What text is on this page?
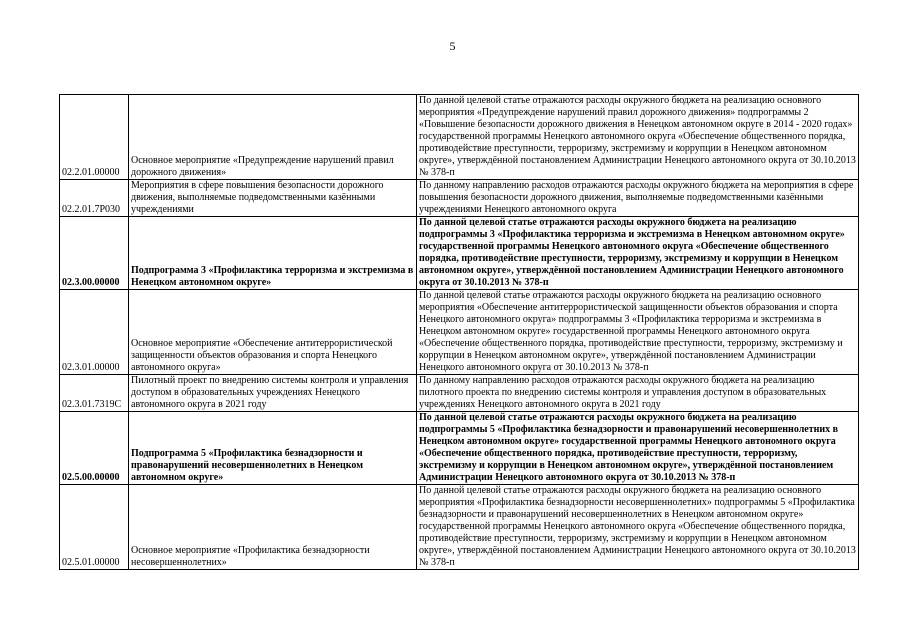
5
02.2.01.00000	Основное мероприятие «Предупреждение нарушений правил дорожного движения»	По данной целевой статье отражаются расходы окружного бюджета на реализацию основного мероприятия «Предупреждение нарушений правил дорожного движения» подпрограммы 2 «Повышение безопасности дорожного движения в Ненецком автономном округе в 2014 - 2020 годах» государственной программы Ненецкого автономного округа «Обеспечение общественного порядка, противодействие преступности, терроризму, экстремизму и коррупции в Ненецком автономном округе», утверждённой постановлением Администрации Ненецкого автономного округа от 30.10.2013 № 378-п
02.2.01.7Р030	Мероприятия в сфере повышения безопасности дорожного движения, выполняемые подведомственными казёнными учреждениями	По данному направлению расходов отражаются расходы окружного бюджета на мероприятия в сфере повышения безопасности дорожного движения, выполняемые подведомственными казёнными учреждениями Ненецкого автономного округа
02.3.00.00000	Подпрограмма 3 «Профилактика терроризма и экстремизма в Ненецком автономном округе»	По данной целевой статье отражаются расходы окружного бюджета на реализацию подпрограммы 3 «Профилактика терроризма и экстремизма в Ненецком автономном округе» государственной программы Ненецкого автономного округа «Обеспечение общественного порядка, противодействие преступности, терроризму, экстремизму и коррупции в Ненецком автономном округе», утверждённой постановлением Администрации Ненецкого автономного округа от 30.10.2013 № 378-п
02.3.01.00000	Основное мероприятие «Обеспечение антитеррористической защищенности объектов образования и спорта Ненецкого автономного округа»	По данной целевой статье отражаются расходы окружного бюджета на реализацию основного мероприятия «Обеспечение антитеррористической защищенности объектов образования и спорта Ненецкого автономного округа» подпрограммы 3 «Профилактика терроризма и экстремизма в Ненецком автономном округе» государственной программы Ненецкого автономного округа «Обеспечение общественного порядка, противодействие преступности, терроризму, экстремизму и коррупции в Ненецком автономном округе», утверждённой постановлением Администрации Ненецкого автономного округа от 30.10.2013 № 378-п
02.3.01.7319С	Пилотный проект по внедрению системы контроля и управления доступом в образовательных учреждениях Ненецкого автономного округа в 2021 году	По данному направлению расходов отражаются расходы окружного бюджета на реализацию пилотного проекта по внедрению системы контроля и управления доступом в образовательных учреждениях Ненецкого автономного округа в 2021 году
02.5.00.00000	Подпрограмма 5 «Профилактика безнадзорности и правонарушений несовершеннолетних в Ненецком автономном округе»	По данной целевой статье отражаются расходы окружного бюджета на реализацию подпрограммы 5 «Профилактика безнадзорности и правонарушений несовершеннолетних в Ненецком автономном округе» государственной программы Ненецкого автономного округа «Обеспечение общественного порядка, противодействие преступности, терроризму, экстремизму и коррупции в Ненецком автономном округе», утверждённой постановлением Администрации Ненецкого автономного округа от 30.10.2013 № 378-п
02.5.01.00000	Основное мероприятие «Профилактика безнадзорности несовершеннолетних»	По данной целевой статье отражаются расходы окружного бюджета на реализацию основного мероприятия «Профилактика безнадзорности несовершеннолетних» подпрограммы 5 «Профилактика безнадзорности и правонарушений несовершеннолетних в Ненецком автономном округе» государственной программы Ненецкого автономного округа «Обеспечение общественного порядка, противодействие преступности, терроризму, экстремизму и коррупции в Ненецком автономном округе», утверждённой постановлением Администрации Ненецкого автономного округа от 30.10.2013 № 378-п
